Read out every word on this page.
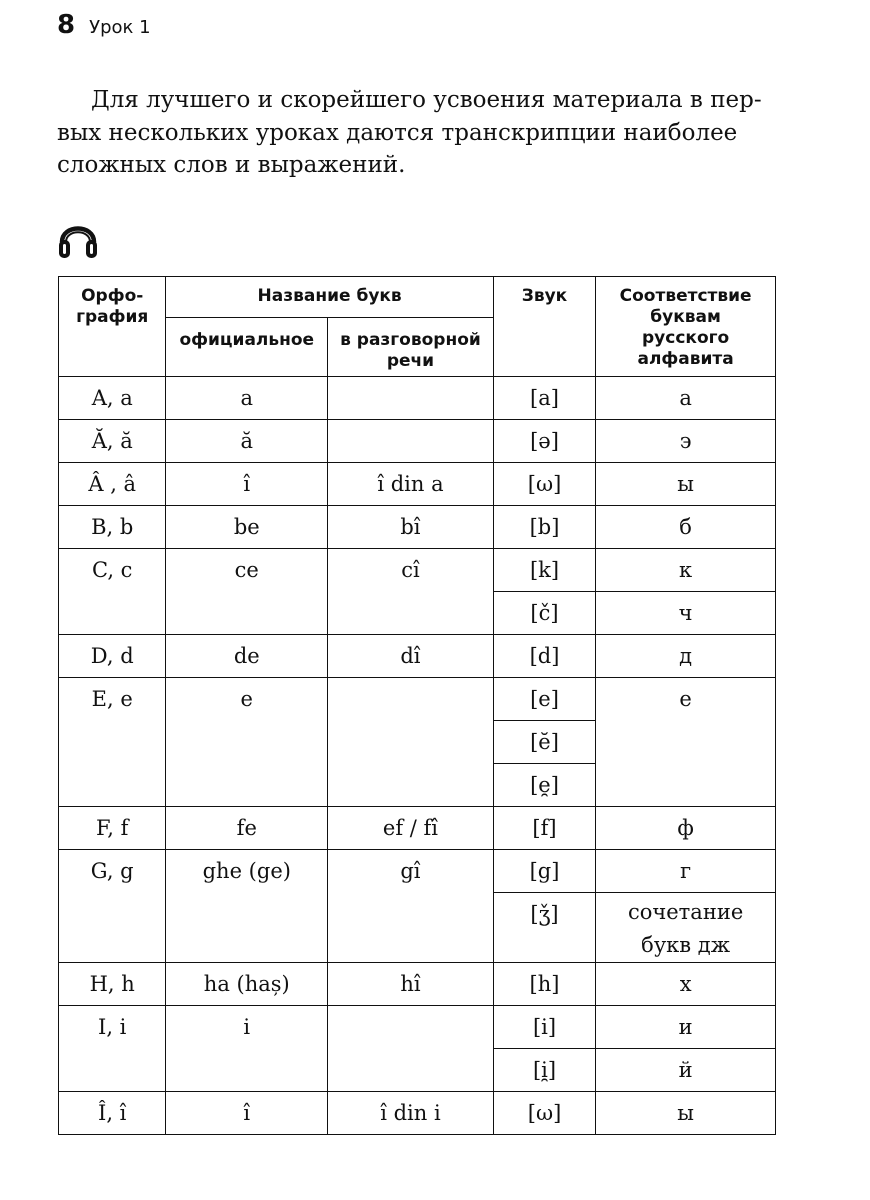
8 Урок 1
Для лучшего и скорейшего усвоения материала в пер-
вых нескольких уроках даются транскрипции наиболее
сложных слов и выражений.
Орфо-
графия	Название букв		Звук	Соответствие
буквам
русского
алфавита
	официальное	в разговорной
речи		
A, a	a		[a]	а
Ă, ă	ă		[ə]	э
Â , â	î	î din a	[ω]	ы
B, b	be	bî	[b]	б
C, c	ce	cî	[k]	к
			[č]	ч
D, d	de	dî	[d]	д
E, e	e		[e]	е
			[ĕ]	
			[e̯]	
F, f	fe	ef / fî	[f]	ф
G, g	ghe (ge)	gî	[g]	г
			[ǯ]	сочетание букв дж
H, h	ha (haș)	hî	[h]	х
I, i	i		[i]	и
			[i̯]	й
Î, î	î	î din i	[ω]	ы
